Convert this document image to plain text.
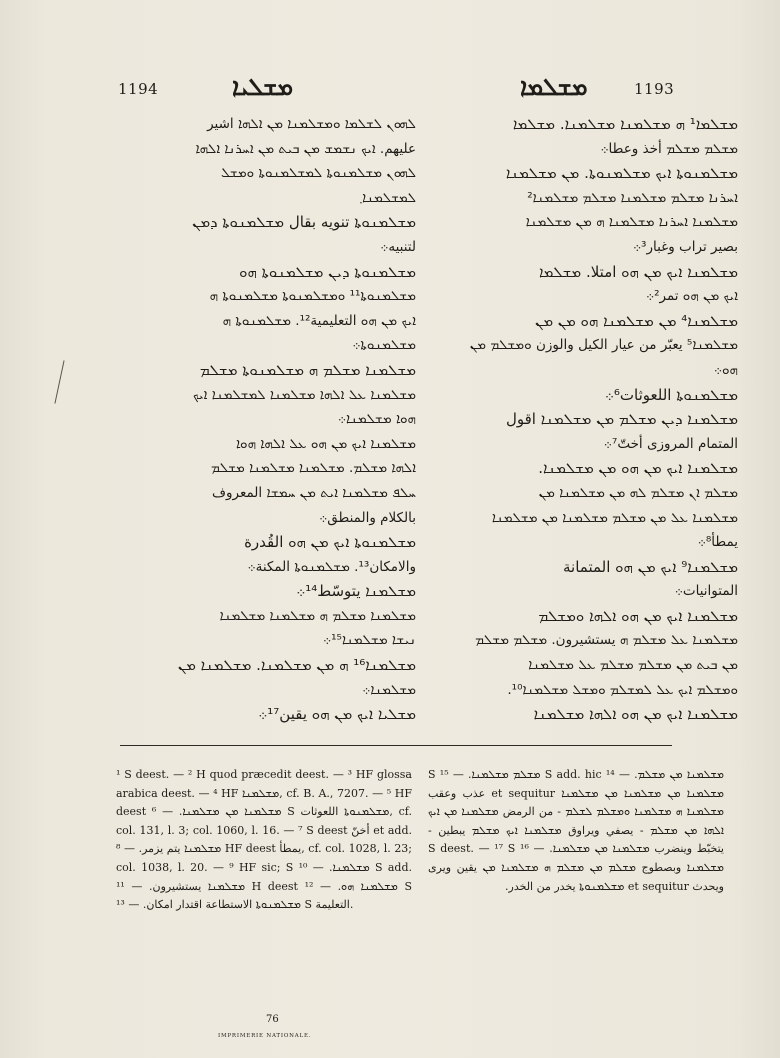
1194	ܡܫܠܝܐ	ܡܫܠܡܐ	1193

ܠܗܘܢ ܠܫܠܡܐ ܘܡܫܠܡܢܐ ܡܢ ܐܠܗܐ اشير

عليهم. ܐܝܟ ܢܫܡܫ ܡܢ ܒܝܬ ܡܢ ܐܚܪܢܐ ܐܠܗܐ

ܠܗܘܢ ܡܫܠܡܢܘܬܐ ܠܡܫܠܡܢܘܬܐ ܘܡܫܠ

ܠܡܫܠܡܢܐ܂

ܡܫܠܡܢܘܬܐ تنويه بقال ܡܫܠܡܢܘܬܐ ܕܡܢ

لتنبيه܀

ܡܫܠܡܢܘܬܐ ܕܝܢ ܡܫܠܡܢܘܬܐ ܗܘ

ܡܫܠܡܢܘܬܐ¹¹ ܘܡܫܠܡܢܘܬܐ ܡܫܠܡܢܘܬܐ ܗ

ܐܝܟ ܡܢ ܗܘ التعليمية¹². ܡܫܠܡܢܘܬܐ ܗ

ܡܫܠܡܢܘܬܐ܀

ܡܫܠܡܢܐ ܡܫܠܡ ܗ ܡܫܠܡܢܘܬܐ ܡܫܠܡ

ܡܫܠܡܢܐ ܥܠ ܐܠܗܐ ܡܫܠܡܢܐ ܠܡܫܠܡܢܐ ܐܝܟ

ܗܘܐ ܡܫܠܡܢܐ܀

ܡܫܠܡܢܐ ܐܝܟ ܡܢ ܗܘ ܥܠ ܐܠܗܐ ܗܘܐ

ܐܠܗܐ ܡܫܠܡ. ܡܫܠܡܢܐ ܡܫܠܡܢܐ ܡܫܠܡ

ܚܠܦ ܡܫܠܡܢܐ ܐܝܬ ܡܢ ܚܡܫܐ المعروف

بالكلام والمنطق܀

ܡܫܠܡܢܘܬܐ ܐܝܟ ܡܢ ܗܘ القُدرة

والامكان¹³. ܡܫܠܡܢܘܬܐ المكنة܀

ܡܫܠܡܢܐ يتوسّط¹⁴܀

ܡܫܠܡܢܐ ܡܫܠܡ ܗ ܡܫܠܡܢܐ ܡܫܠܡܢܐ

ܢܝܫܐ ܡܫܠܡܢܐ¹⁵܀

ܡܫܠܡܢܐ¹⁶ ܗ ܡܢ ܡܫܠܡܢܐ. ܡܫܠܡܢܐ ܡܢ

ܡܫܠܡܢܐ܀

ܡܫܠܝܐ ܐܝܟ ܡܢ ܗܘ يقين¹⁷܀

ܡܫܠܡܐ¹ ܗ ܡܫܠܡܢܐ ܡܫܠܡܢܐ. ܡܫܠܡܐ

ܡܫܠܡ ܡܫܠܡ أخذ وعطا܀

ܡܫܠܡܢܘܬܐ ܐܝܟ ܡܫܠܡܢܘܬܐ. ܡܢ ܡܫܠܡܢܐ

ܐܚܪܢܐ ܡܫܠܡ ܡܫܠܡܢܐ ܡܫܠܡ ܡܫܠܡܢܐ²

ܡܫܠܡܢܐ ܐܚܪܢܐ ܡܫܠܡܢܐ ܗ ܡܢ ܡܫܠܡܢܐ

بصير تراب وغبار³܀

ܡܫܠܡܢܐ ܐܝܟ ܡܢ ܗܘ امتلا. ܡܫܠܡܐ

ܐܝܟ ܡܢ ܗܘ تمر²܀

ܡܫܠܡܢܐ⁴ ܡܢ ܡܫܠܡܢܐ ܗܘ ܡܢ ܡܢ

ܡܫܠܡܢܐ⁵ يعبّر من عيار الكيل والوزن ܘܡܫܠܡ ܡܢ

ܗܘ܀

ܡܫܠܡܢܘܬܐ اللعوثات⁶܀

ܡܫܠܡܢܐ ܕܝܢ ܡܫܠܡ ܡܢ ܡܫܠܡܢܐ اقول

المتمام المروزى أختّ⁷܀

ܡܫܠܡܢܐ ܐܝܟ ܡܢ ܗܘ ܡܢ ܡܫܠܡܢܐ.

ܡܫܠܡ ܐܢ ܡܫܠܡ ܠܗ ܡܢ ܡܫܠܡܢܐ ܡܢ

ܡܫܠܡܢܐ ܥܠ ܡܢ ܡܫܠܡ ܡܫܠܡܢܐ ܡܢ ܡܫܠܡܢܐ

يمطأ⁸܀

ܡܫܠܡܢܐ⁹ ܐܝܟ ܡܢ ܗܘ المتمانة

المتوانيات܀

ܡܫܠܡܢܐ ܐܝܟ ܡܢ ܗܘ ܐܠܗܐ ܘܡܫܠܡ

ܡܫܠܡܢܐ ܥܠ ܡܫܠܡ ܗ يستشيرون. ܡܫܠܡ ܡܫܠܡ

ܡܢ ܒܝܬ ܡܢ ܡܫܠܡ ܡܫܠܡ ܥܠ ܡܫܠܡܢܐ

ܘܡܫܠܡ ܐܝܟ ܥܠ ܠܡܫܠܡ ܘܡܫܠ ܡܫܠܡܢܐ¹⁰.

ܡܫܠܡܢܐ ܐܝܟ ܡܢ ܗܘ ܐܠܗܐ ܡܫܠܡܢܐ

¹ S deest. — ² H quod præcedit deest. — ³ HF glossa arabica deest. — ⁴ HF ܡܫܠܡܢܐ, cf. B. A., 7207. — ⁵ HF deest ܡܫܠܡܢܐ ܡܢ ܡܫܠܡܢܐ. — ⁶ S ܡܫܠܡܢܘܬܐ اللعوثات, cf. col. 131, l. 3; col. 1060, l. 16. — ⁷ S deest أخنّ et add. ܡܫܠܡܢܐ يتم يزمر. — ⁸ HF deest يمطأ, cf. col. 1028, l. 23; col. 1038, l. 20. — ⁹ HF sic; S ܡܫܠܡܢܐ. — ¹⁰ S add. ܡܫܠܡܢܐ يستشيرون. — ¹¹ H deest ܡܫܠܡܢܐ ܗܘ. — ¹² S ܡܫܠܡܢܘܬܐ الاستطاعة اقتدار امكان. — ¹³ S التعليمة.
ܡܫܠܡܢܐ ܡܢ ܡܫܠܡ. — ¹⁴ S add. hic ܡܫܠܡ ܡܫܠܡܢܐ. — ¹⁵ S ܡܫܠܡܢܐ ܡܢ ܡܫܠܡܢܐ ܡܢ ܡܫܠܡܢܐ et sequitur عذب وعقب ܡܫܠܡܢܐ ܗ ܡܫܠܡܢܐ ܘܡܫܠܡ ܠܫܠܡ - من الرمض ܡܫܠܡܢܐ ܡܢ ܐܝܟ ܐܠܗܐ ܡܢ ܡܫܠܡ - يصفي ويراوق ܡܫܠܡܢܐ ܐܝܟ ܡܫܠܡ يبطين - يتخبّط وينضرب ܡܫܠܡܢܐ ܡܢ ܡܫܠܡܢܐ. — ¹⁶ S deest. — ¹⁷ S ܡܫܠܡܢܐ وبصطوج ܡܫܠܡ ܡܢ ܡܫܠܡ ܗ ܡܫܠܡܢܐ ܡܢ يقين ويرى ويحدث et sequitur ܡܫܠܡܢܘܬܐ يخدر من الخدر.
76
IMPRIMERIE NATIONALE.
